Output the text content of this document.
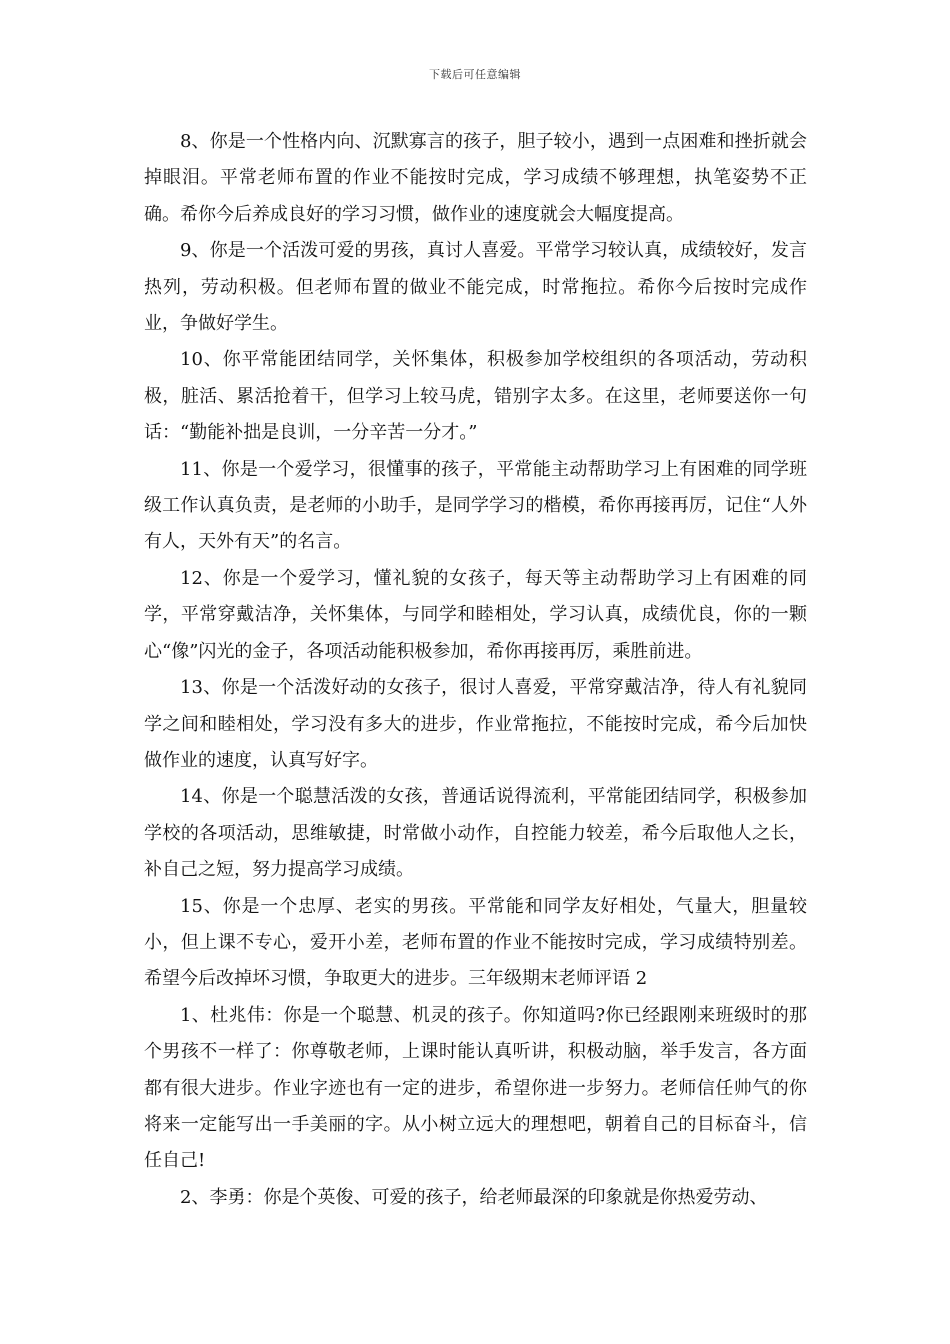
下载后可任意编辑

8、你是一个性格内向、沉默寡言的孩子，胆子较小，遇到一点困难和挫折就会掉眼泪。平常老师布置的作业不能按时完成，学习成绩不够理想，执笔姿势不正确。希你今后养成良好的学习习惯，做作业的速度就会大幅度提高。

9、你是一个活泼可爱的男孩，真讨人喜爱。平常学习较认真，成绩较好，发言热列，劳动积极。但老师布置的做业不能完成，时常拖拉。希你今后按时完成作业，争做好学生。

10、你平常能团结同学，关怀集体，积极参加学校组织的各项活动，劳动积极，脏活、累活抢着干，但学习上较马虎，错别字太多。在这里，老师要送你一句话：“勤能补拙是良训，一分辛苦一分才。”

11、你是一个爱学习，很懂事的孩子，平常能主动帮助学习上有困难的同学班级工作认真负责，是老师的小助手，是同学学习的楷模，希你再接再厉，记住“人外有人，天外有天”的名言。

12、你是一个爱学习，懂礼貌的女孩子，每天等主动帮助学习上有困难的同学，平常穿戴洁净，关怀集体，与同学和睦相处，学习认真，成绩优良，你的一颗心“像”闪光的金子，各项活动能积极参加，希你再接再厉，乘胜前进。

13、你是一个活泼好动的女孩子，很讨人喜爱，平常穿戴洁净，待人有礼貌同学之间和睦相处，学习没有多大的进步，作业常拖拉，不能按时完成，希今后加快做作业的速度，认真写好字。

14、你是一个聪慧活泼的女孩，普通话说得流利，平常能团结同学，积极参加学校的各项活动，思维敏捷，时常做小动作，自控能力较差，希今后取他人之长，补自己之短，努力提高学习成绩。

15、你是一个忠厚、老实的男孩。平常能和同学友好相处，气量大，胆量较小，但上课不专心，爱开小差，老师布置的作业不能按时完成，学习成绩特别差。希望今后改掉坏习惯，争取更大的进步。三年级期末老师评语 2

1、杜兆伟：你是一个聪慧、机灵的孩子。你知道吗?你已经跟刚来班级时的那个男孩不一样了：你尊敬老师，上课时能认真听讲，积极动脑，举手发言，各方面都有很大进步。作业字迹也有一定的进步，希望你进一步努力。老师信任帅气的你将来一定能写出一手美丽的字。从小树立远大的理想吧，朝着自己的目标奋斗，信任自己!

2、李勇：你是个英俊、可爱的孩子，给老师最深的印象就是你热爱劳动、
